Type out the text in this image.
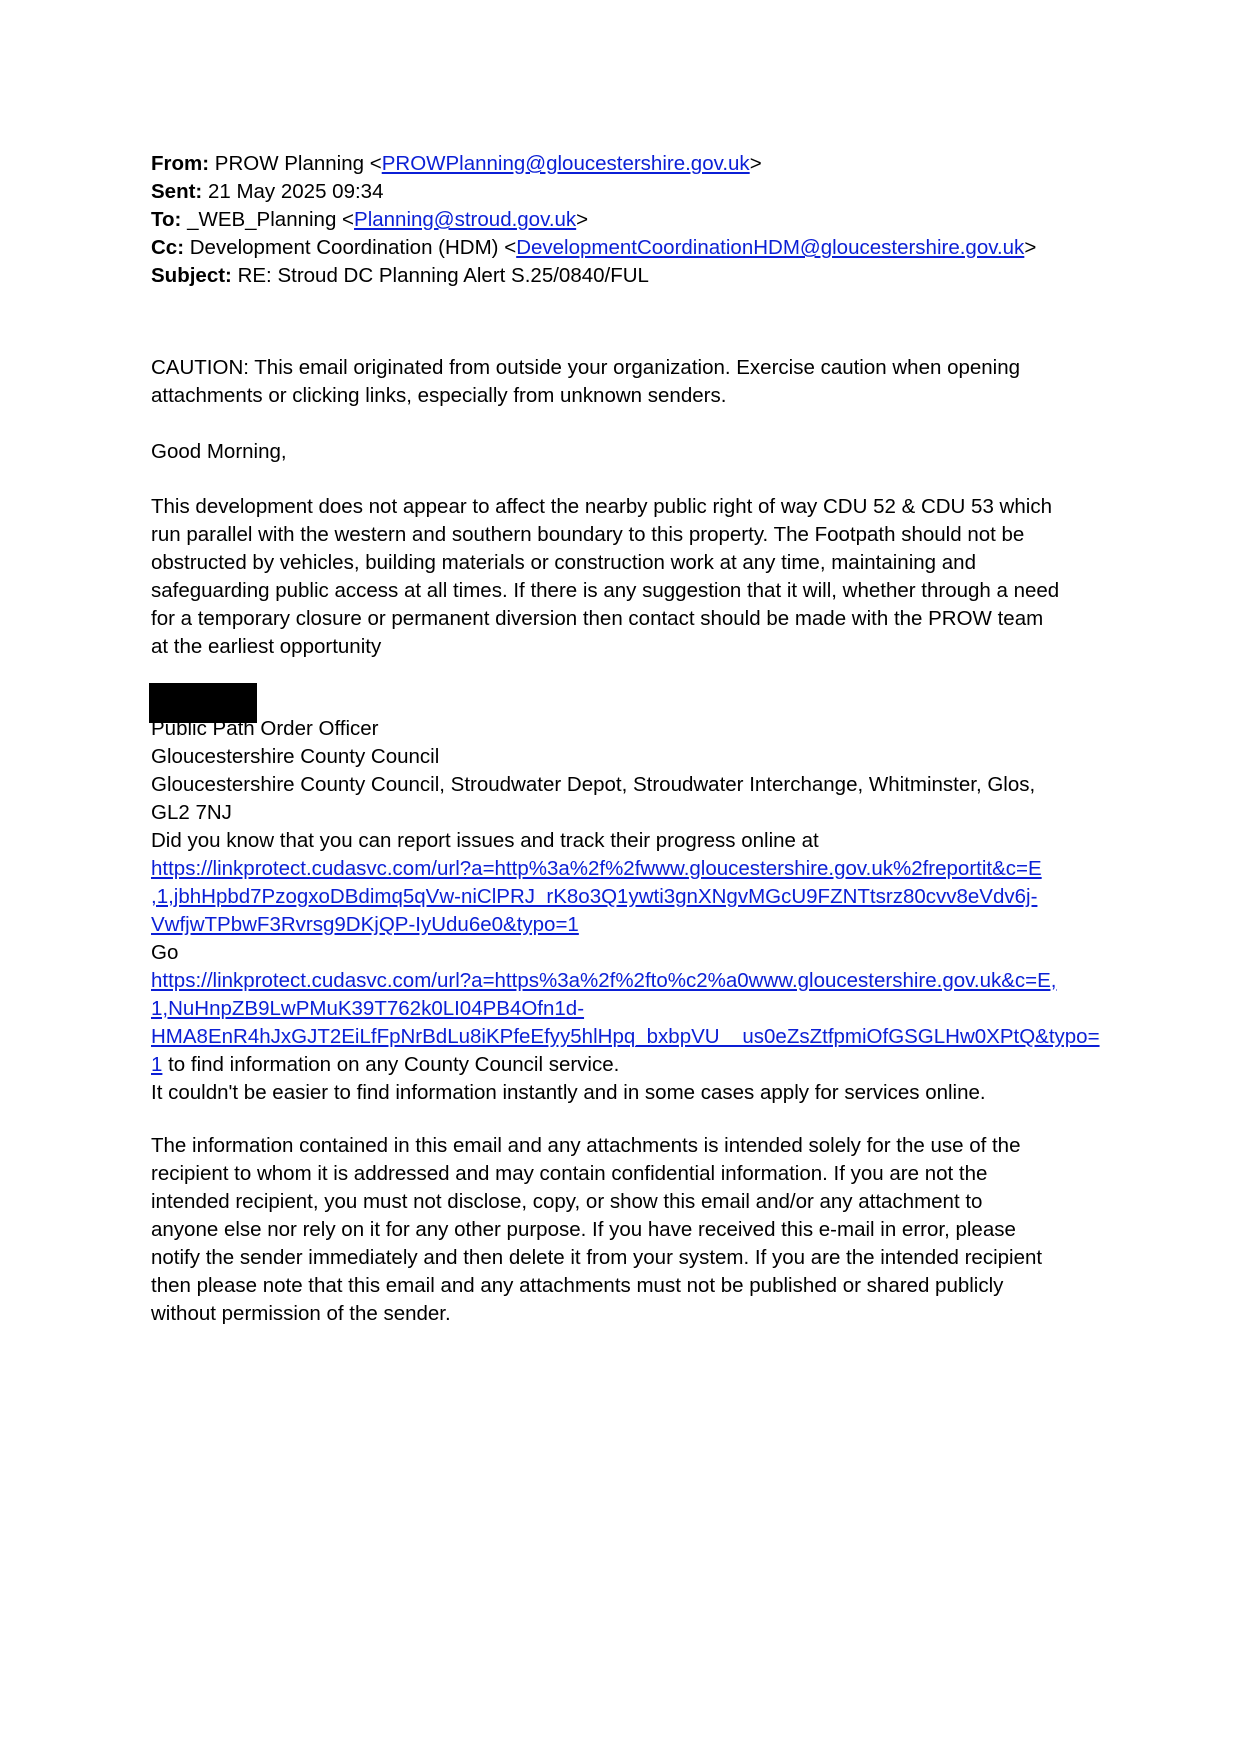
From: PROW Planning <PROWPlanning@gloucestershire.gov.uk>
Sent: 21 May 2025 09:34
To: _WEB_Planning <Planning@stroud.gov.uk>
Cc: Development Coordination (HDM) <DevelopmentCoordinationHDM@gloucestershire.gov.uk>
Subject: RE: Stroud DC Planning Alert S.25/0840/FUL
CAUTION: This email originated from outside your organization. Exercise caution when opening
attachments or clicking links, especially from unknown senders.
Good Morning,
This development does not appear to affect the nearby public right of way CDU 52 & CDU 53 which
run parallel with the western and southern boundary to this property. The Footpath should not be
obstructed by vehicles, building materials or construction work at any time, maintaining and
safeguarding public access at all times. If there is any suggestion that it will, whether through a need
for a temporary closure or permanent diversion then contact should be made with the PROW team
at the earliest opportunity
Public Path Order Officer
Gloucestershire County Council
Gloucestershire County Council, Stroudwater Depot, Stroudwater Interchange, Whitminster, Glos,
GL2 7NJ
Did you know that you can report issues and track their progress online at
https://linkprotect.cudasvc.com/url?a=http%3a%2f%2fwww.gloucestershire.gov.uk%2freportit&c=E
,1,jbhHpbd7PzogxoDBdimq5qVw-niClPRJ_rK8o3Q1ywti3gnXNgvMGcU9FZNTtsrz80cvv8eVdv6j-
VwfjwTPbwF3Rvrsg9DKjQP-IyUdu6e0&typo=1
Go
https://linkprotect.cudasvc.com/url?a=https%3a%2f%2fto%c2%a0www.gloucestershire.gov.uk&c=E,
1,NuHnpZB9LwPMuK39T762k0LI04PB4Ofn1d-
HMA8EnR4hJxGJT2EiLfFpNrBdLu8iKPfeEfyy5hlHpq_bxbpVU__us0eZsZtfpmiOfGSGLHw0XPtQ&typo=
1 to find information on any County Council service.
It couldn't be easier to find information instantly and in some cases apply for services online.
The information contained in this email and any attachments is intended solely for the use of the
recipient to whom it is addressed and may contain confidential information. If you are not the
intended recipient, you must not disclose, copy, or show this email and/or any attachment to
anyone else nor rely on it for any other purpose. If you have received this e-mail in error, please
notify the sender immediately and then delete it from your system. If you are the intended recipient
then please note that this email and any attachments must not be published or shared publicly
without permission of the sender.
